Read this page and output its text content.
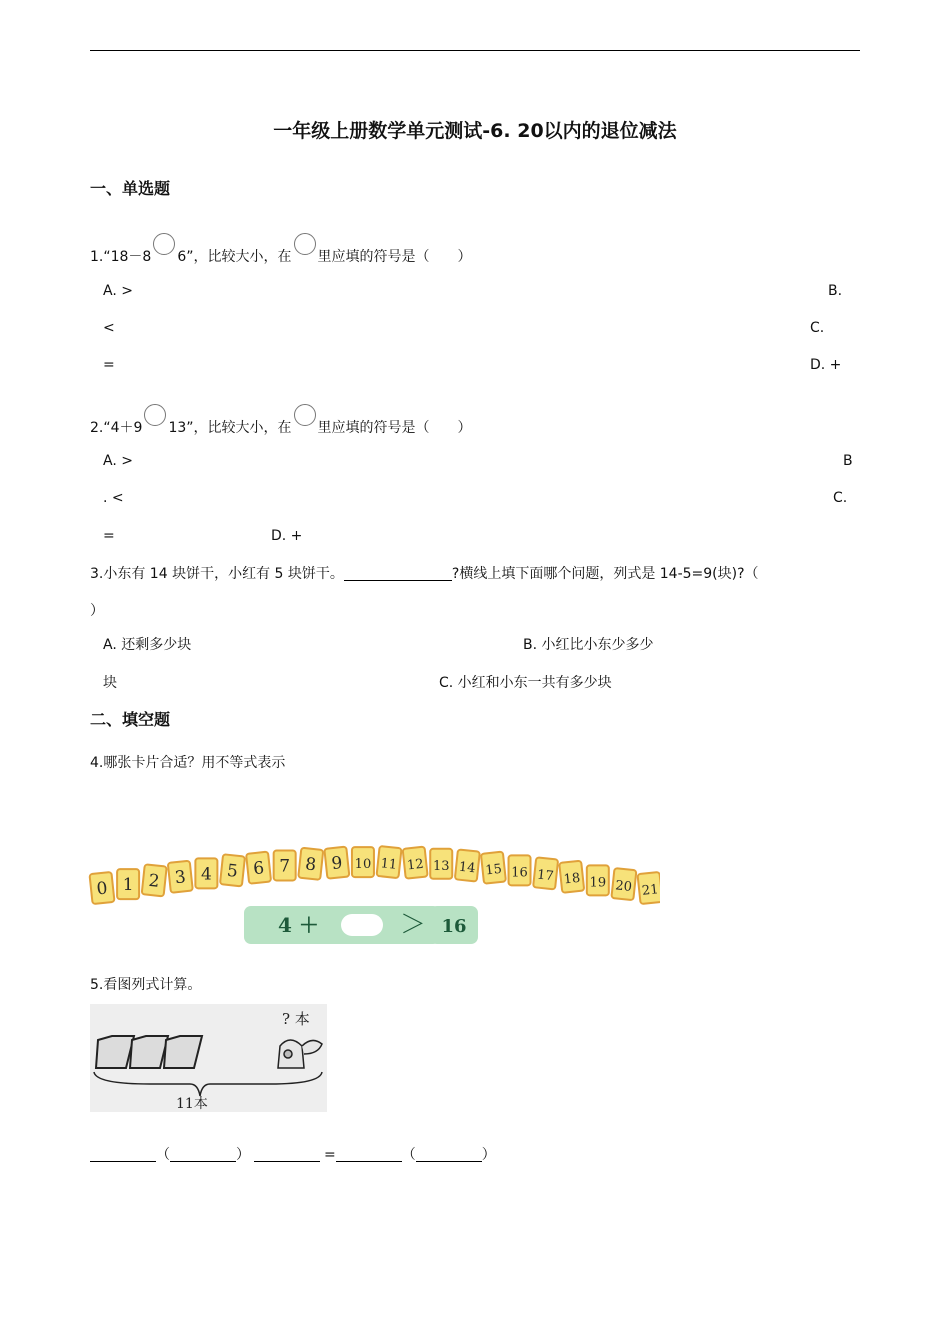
一年级上册数学单元测试-6. 20以内的退位减法
一、单选题
1.“18－8 6”，比较大小，在 里应填的符号是（　　）
A. >	B.
<	C.
=	D. +
2.“4＋9 13”，比较大小，在 里应填的符号是（　　）
A. >	B
. <	C.
=	D. +
3.小东有 14 块饼干，小红有 5 块饼干。	?横线上填下面哪个问题，列式是 14-5=9(块)?（
）
A. 还剩多少块	B. 小红比小东少多少
块	C. 小红和小东一共有多少块
二、填空题
4.哪张卡片合适？用不等式表示
0 1 2 3 4 5 6 7 8 9 10 11 12 13 14 15 16 17 18 19 20 21
4 ＋	＞ 16
5.看图列式计算。
? 本
11本
（	）	=	（	）
